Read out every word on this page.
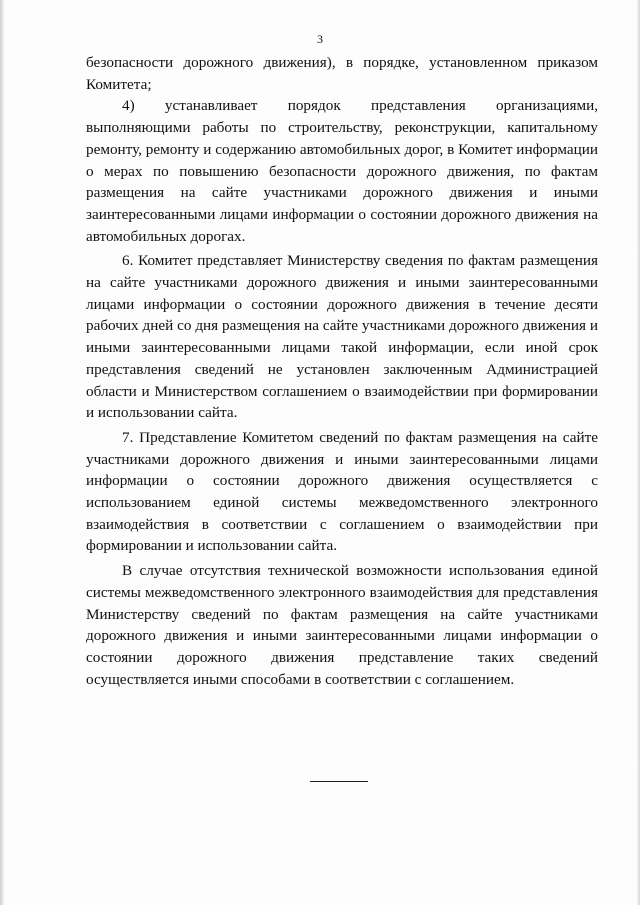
3

безопасности дорожного движения), в порядке, установленном приказом Комитета;

4) устанавливает порядок представления организациями, выполняющими работы по строительству, реконструкции, капитальному ремонту, ремонту и содержанию автомобильных дорог, в Комитет информации о мерах по повышению безопасности дорожного движения, по фактам размещения на сайте участниками дорожного движения и иными заинтересованными лицами информации о состоянии дорожного движения на автомобильных дорогах.

6. Комитет представляет Министерству сведения по фактам размещения на сайте участниками дорожного движения и иными заинтересованными лицами информации о состоянии дорожного движения в течение десяти рабочих дней со дня размещения на сайте участниками дорожного движения и иными заинтересованными лицами такой информации, если иной срок представления сведений не установлен заключенным Администрацией области и Министерством соглашением о взаимодействии при формировании и использовании сайта.

7. Представление Комитетом сведений по фактам размещения на сайте участниками дорожного движения и иными заинтересованными лицами информации о состоянии дорожного движения осуществляется с использованием единой системы межведомственного электронного взаимодействия в соответствии с соглашением о взаимодействии при формировании и использовании сайта.

В случае отсутствия технической возможности использования единой системы межведомственного электронного взаимодействия для представления Министерству сведений по фактам размещения на сайте участниками дорожного движения и иными заинтересованными лицами информации о состоянии дорожного движения представление таких сведений осуществляется иными способами в соответствии с соглашением.
